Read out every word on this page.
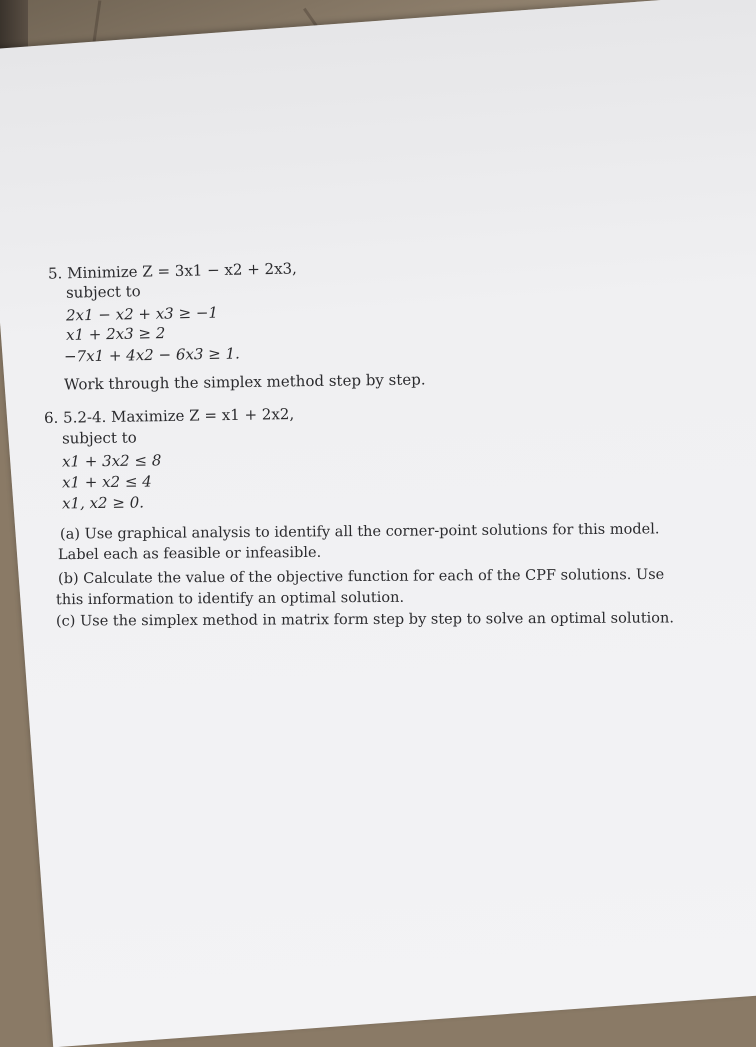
5. Minimize Z = 3x1 − x2 + 2x3,
subject to
2x1 − x2 + x3 ≥ −1
x1 + 2x3 ≥ 2
−7x1 + 4x2 − 6x3 ≥ 1.
Work through the simplex method step by step.
6. 5.2-4. Maximize Z = x1 + 2x2,
subject to
x1 + 3x2 ≤ 8
x1 + x2 ≤ 4
x1, x2 ≥ 0.
(a) Use graphical analysis to identify all the corner-point solutions for this model.
Label each as feasible or infeasible.
(b) Calculate the value of the objective function for each of the CPF solutions. Use
this information to identify an optimal solution.
(c) Use the simplex method in matrix form step by step to solve an optimal solution.
